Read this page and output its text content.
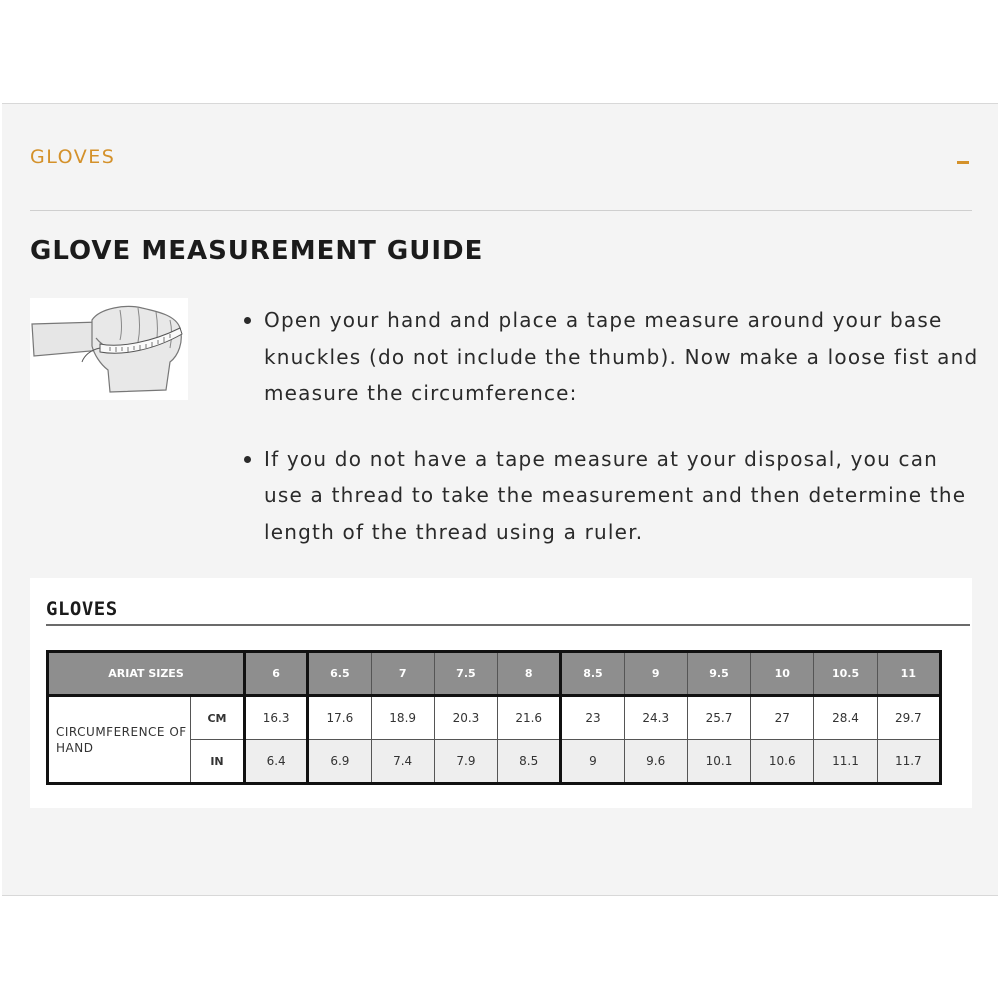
GLOVES
GLOVE MEASUREMENT GUIDE
Open your hand and place a tape measure around your base knuckles (do not include the thumb). Now make a loose fist and measure the circumference:
If you do not have a tape measure at your disposal, you can use a thread to take the measurement and then determine the length of the thread using a ruler.
GLOVES
ARIAT SIZES		6	6.5	7	7.5	8	8.5	9	9.5	10	10.5	11
CIRCUMFERENCE OF HAND	CM	16.3	17.6	18.9	20.3	21.6	23	24.3	25.7	27	28.4	29.7
	IN	6.4	6.9	7.4	7.9	8.5	9	9.6	10.1	10.6	11.1	11.7
